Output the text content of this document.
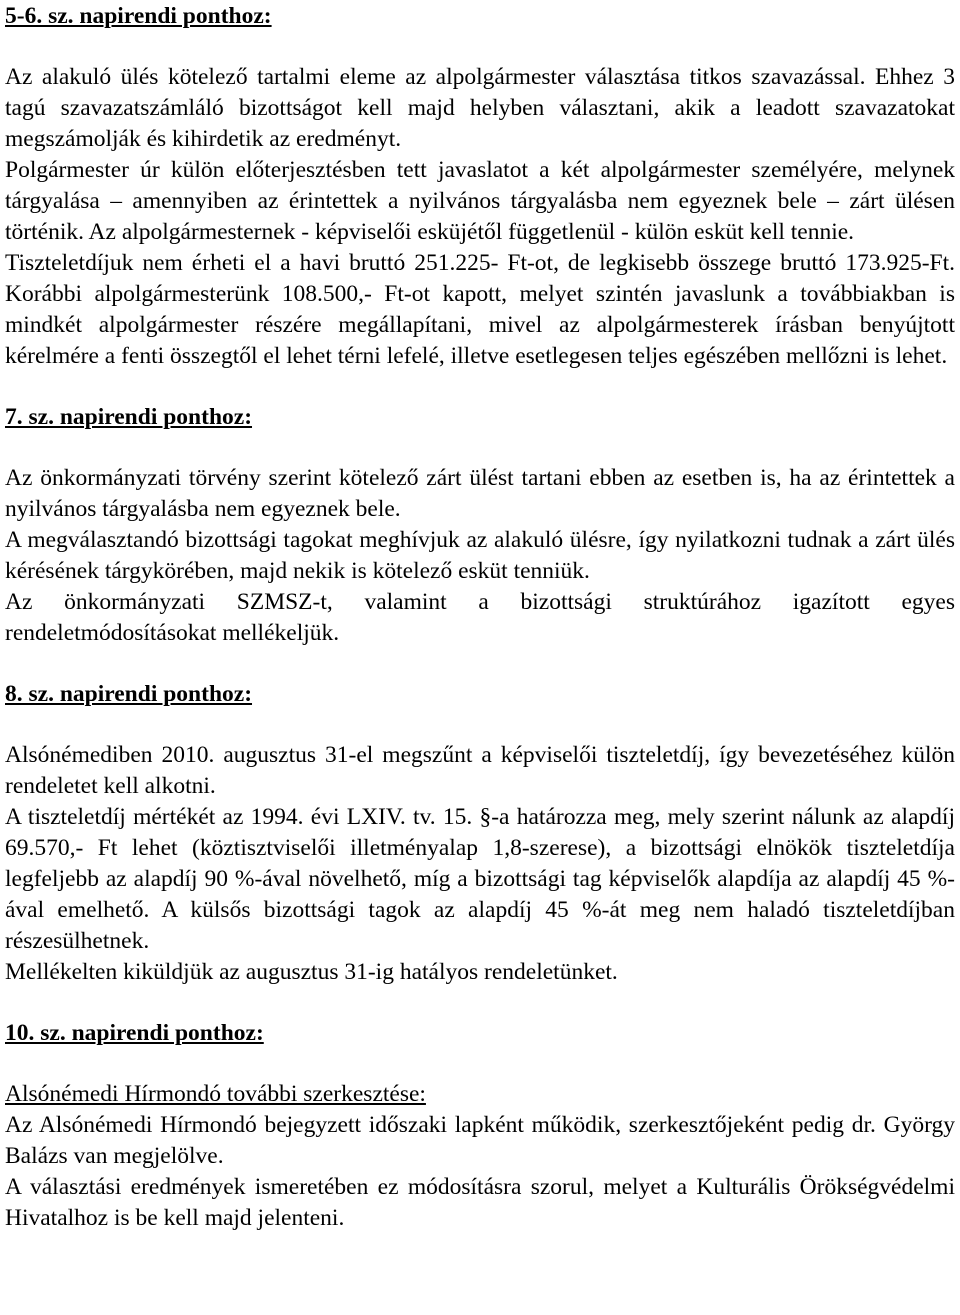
5-6. sz. napirendi ponthoz:

Az alakuló ülés kötelező tartalmi eleme az alpolgármester választása titkos szavazással. Ehhez 3 tagú szavazatszámláló bizottságot kell majd helyben választani, akik a leadott szavazatokat megszámolják és kihirdetik az eredményt.

Polgármester úr külön előterjesztésben tett javaslatot a két alpolgármester személyére, melynek tárgyalása – amennyiben az érintettek a nyilvános tárgyalásba nem egyeznek bele – zárt ülésen történik. Az alpolgármesternek - képviselői esküjétől függetlenül - külön esküt kell tennie.

Tiszteletdíjuk nem érheti el a havi bruttó 251.225- Ft-ot, de legkisebb összege bruttó 173.925-Ft. Korábbi alpolgármesterünk 108.500,- Ft-ot kapott, melyet szintén javaslunk a továbbiakban is mindkét alpolgármester részére megállapítani, mivel az alpolgármesterek írásban benyújtott kérelmére a fenti összegtől el lehet térni lefelé, illetve esetlegesen teljes egészében mellőzni is lehet.

7. sz. napirendi ponthoz:

Az önkormányzati törvény szerint kötelező zárt ülést tartani ebben az esetben is, ha az érintettek a nyilvános tárgyalásba nem egyeznek bele.

A megválasztandó bizottsági tagokat meghívjuk az alakuló ülésre, így nyilatkozni tudnak a zárt ülés kérésének tárgykörében, majd nekik is kötelező esküt tenniük.

Az önkormányzati SZMSZ-t, valamint a bizottsági struktúrához igazított egyes rendeletmódosításokat mellékeljük.

8. sz. napirendi ponthoz:

Alsónémediben 2010. augusztus 31-el megszűnt a képviselői tiszteletdíj, így bevezetéséhez külön rendeletet kell alkotni.

A tiszteletdíj mértékét az 1994. évi LXIV. tv. 15. §-a határozza meg, mely szerint nálunk az alapdíj 69.570,- Ft lehet (köztisztviselői illetményalap 1,8-szerese), a bizottsági elnökök tiszteletdíja legfeljebb az alapdíj 90 %-ával növelhető, míg a bizottsági tag képviselők alapdíja az alapdíj 45 %-ával emelhető. A külsős bizottsági tagok az alapdíj 45 %-át meg nem haladó tiszteletdíjban részesülhetnek.

Mellékelten kiküldjük az augusztus 31-ig hatályos rendeletünket.

10. sz. napirendi ponthoz:

Alsónémedi Hírmondó további szerkesztése:

Az Alsónémedi Hírmondó bejegyzett időszaki lapként működik, szerkesztőjeként pedig dr. György Balázs van megjelölve.

A választási eredmények ismeretében ez módosításra szorul, melyet a Kulturális Örökségvédelmi Hivatalhoz is be kell majd jelenteni.
